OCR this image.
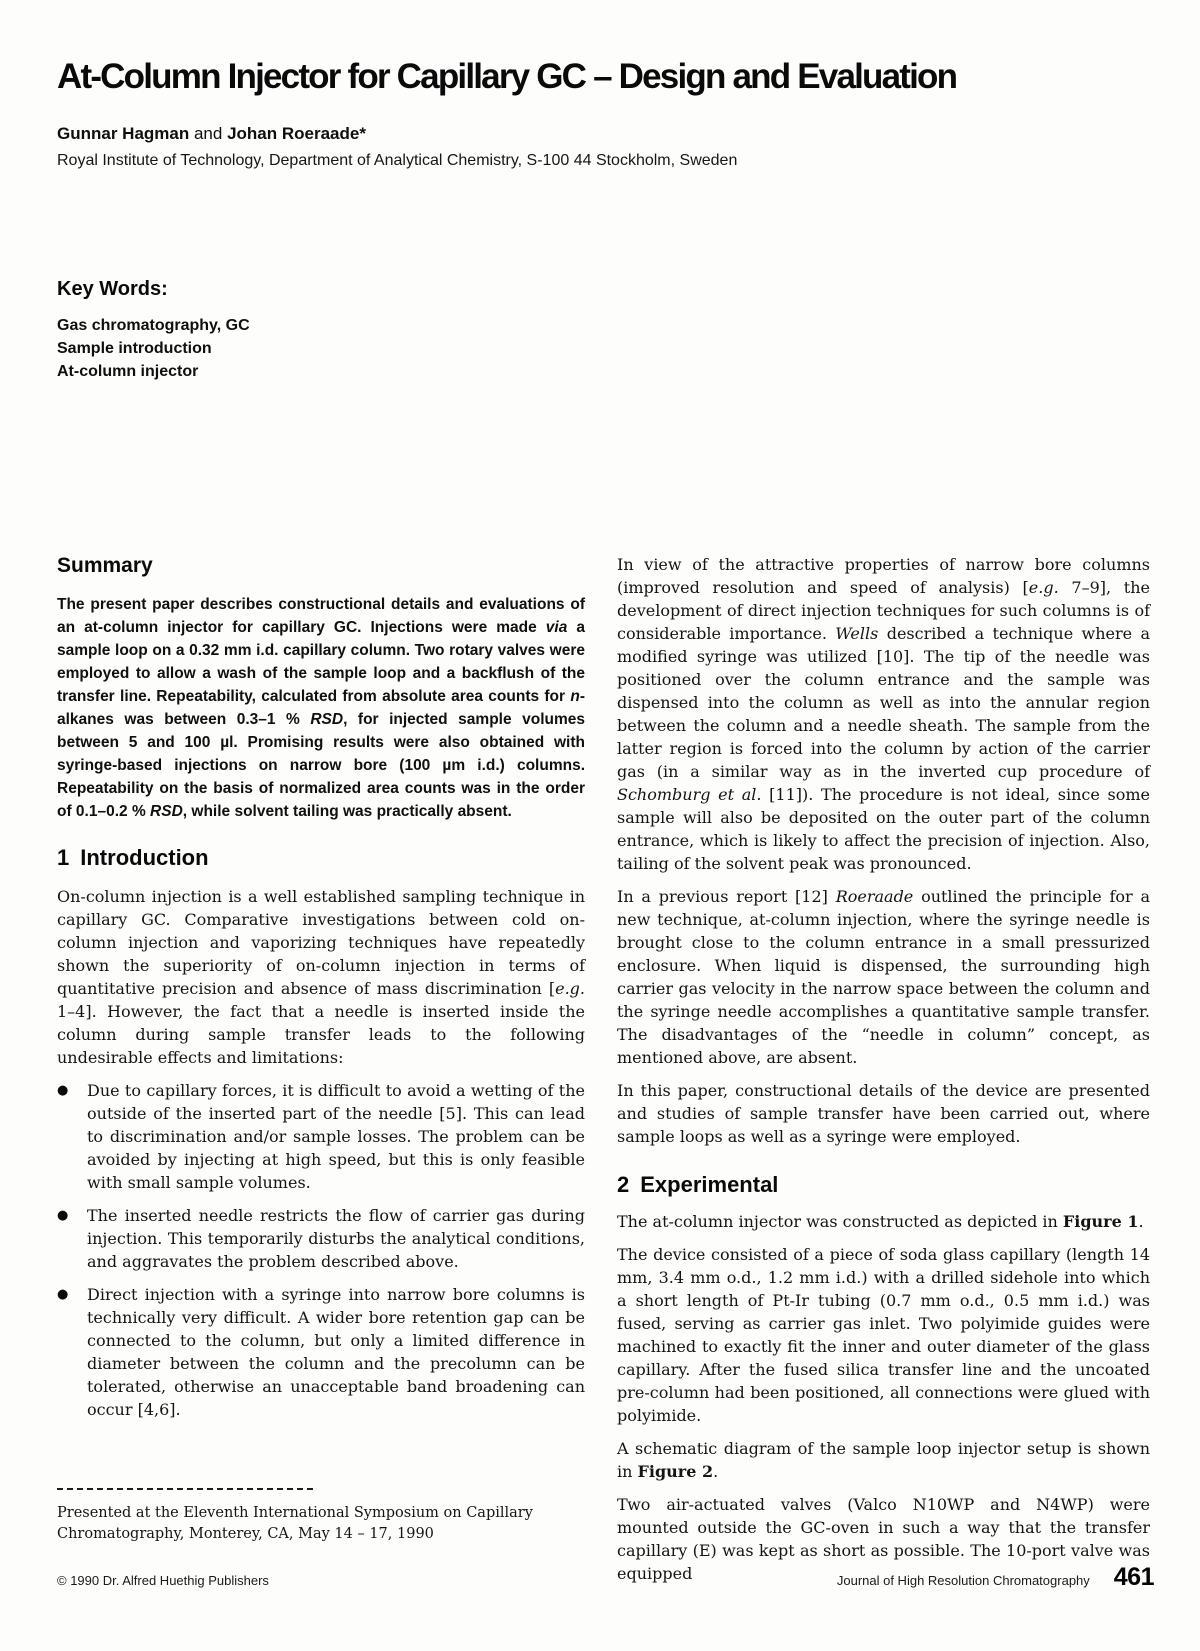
At-Column Injector for Capillary GC – Design and Evaluation

Gunnar Hagman and Johan Roeraade*

Royal Institute of Technology, Department of Analytical Chemistry, S-100 44 Stockholm, Sweden

Key Words:

Gas chromatography, GC

Sample introduction

At-column injector

Summary

The present paper describes constructional details and evaluations of an at-column injector for capillary GC. Injections were made via a sample loop on a 0.32 mm i.d. capillary column. Two rotary valves were employed to allow a wash of the sample loop and a backflush of the transfer line. Repeatability, calculated from absolute area counts for n-alkanes was between 0.3–1 % RSD, for injected sample volumes between 5 and 100 µl. Promising results were also obtained with syringe-based injections on narrow bore (100 µm i.d.) columns. Repeatability on the basis of normalized area counts was in the order of 0.1–0.2 % RSD, while solvent tailing was practically absent.

1 Introduction

On-column injection is a well established sampling technique in capillary GC. Comparative investigations between cold on-column injection and vaporizing techniques have repeatedly shown the superiority of on-column injection in terms of quantitative precision and absence of mass discrimination [e.g. 1–4]. However, the fact that a needle is inserted inside the column during sample transfer leads to the following undesirable effects and limitations:

●	Due to capillary forces, it is difficult to avoid a wetting of the outside of the inserted part of the needle [5]. This can lead to discrimination and/or sample losses. The problem can be avoided by injecting at high speed, but this is only feasible with small sample volumes.
●	The inserted needle restricts the flow of carrier gas during injection. This temporarily disturbs the analytical conditions, and aggravates the problem described above.
●	Direct injection with a syringe into narrow bore columns is technically very difficult. A wider bore retention gap can be connected to the column, but only a limited difference in diameter between the column and the precolumn can be tolerated, otherwise an unacceptable band broadening can occur [4,6].

Presented at the Eleventh International Symposium on Capillary Chromatography, Monterey, CA, May 14 – 17, 1990

In view of the attractive properties of narrow bore columns (improved resolution and speed of analysis) [e.g. 7–9], the development of direct injection techniques for such columns is of considerable importance. Wells described a technique where a modified syringe was utilized [10]. The tip of the needle was positioned over the column entrance and the sample was dispensed into the column as well as into the annular region between the column and a needle sheath. The sample from the latter region is forced into the column by action of the carrier gas (in a similar way as in the inverted cup procedure of Schomburg et al. [11]). The procedure is not ideal, since some sample will also be deposited on the outer part of the column entrance, which is likely to affect the precision of injection. Also, tailing of the solvent peak was pronounced.

In a previous report [12] Roeraade outlined the principle for a new technique, at-column injection, where the syringe needle is brought close to the column entrance in a small pressurized enclosure. When liquid is dispensed, the surrounding high carrier gas velocity in the narrow space between the column and the syringe needle accomplishes a quantitative sample transfer. The disadvantages of the “needle in column” concept, as mentioned above, are absent.

In this paper, constructional details of the device are presented and studies of sample transfer have been carried out, where sample loops as well as a syringe were employed.

2 Experimental

The at-column injector was constructed as depicted in Figure 1.

The device consisted of a piece of soda glass capillary (length 14 mm, 3.4 mm o.d., 1.2 mm i.d.) with a drilled sidehole into which a short length of Pt-Ir tubing (0.7 mm o.d., 0.5 mm i.d.) was fused, serving as carrier gas inlet. Two polyimide guides were machined to exactly fit the inner and outer diameter of the glass capillary. After the fused silica transfer line and the uncoated pre-column had been positioned, all connections were glued with polyimide.

A schematic diagram of the sample loop injector setup is shown in Figure 2.

Two air-actuated valves (Valco N10WP and N4WP) were mounted outside the GC-oven in such a way that the transfer capillary (E) was kept as short as possible. The 10-port valve was equipped

© 1990 Dr. Alfred Huethig Publishers	Journal of High Resolution Chromatography 461
